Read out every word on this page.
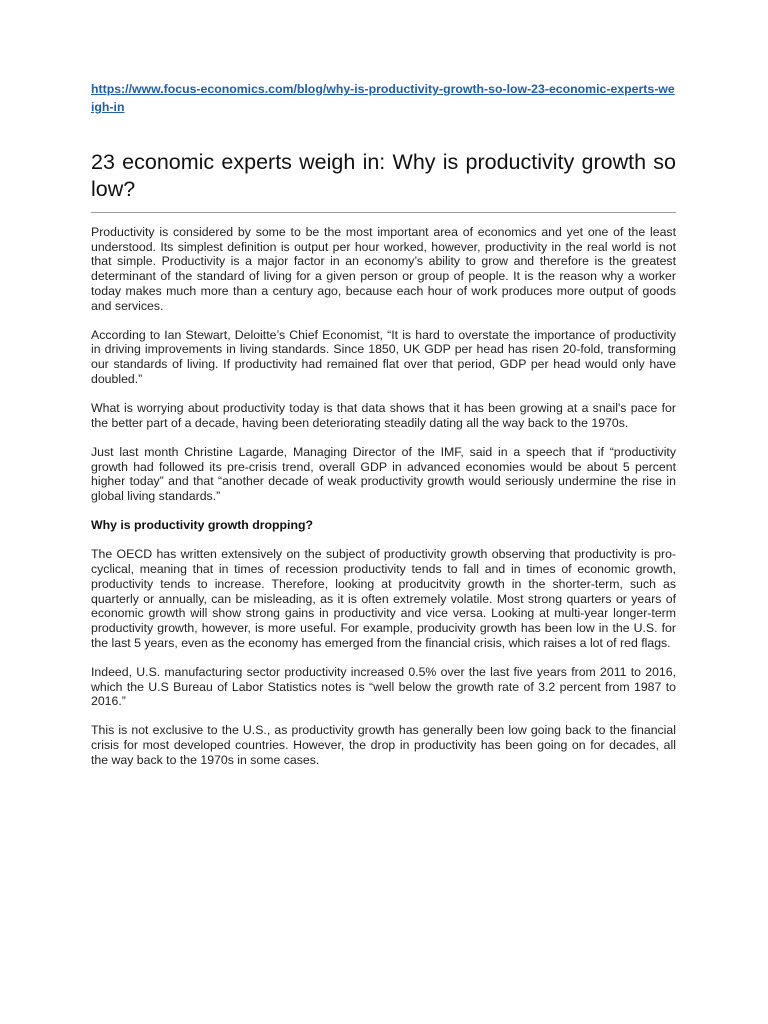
https://www.focus-economics.com/blog/why-is-productivity-growth-so-low-23-economic-experts-weigh-in
23 economic experts weigh in: Why is productivity growth so low?

Productivity is considered by some to be the most important area of economics and yet one of the least understood. Its simplest definition is output per hour worked, however, productivity in the real world is not that simple. Productivity is a major factor in an economy’s ability to grow and therefore is the greatest determinant of the standard of living for a given person or group of people. It is the reason why a worker today makes much more than a century ago, because each hour of work produces more output of goods and services.

According to Ian Stewart, Deloitte’s Chief Economist, “It is hard to overstate the importance of productivity in driving improvements in living standards. Since 1850, UK GDP per head has risen 20-fold, transforming our standards of living. If productivity had remained flat over that period, GDP per head would only have doubled.”

What is worrying about productivity today is that data shows that it has been growing at a snail's pace for the better part of a decade, having been deteriorating steadily dating all the way back to the 1970s.

Just last month Christine Lagarde, Managing Director of the IMF, said in a speech that if “productivity growth had followed its pre-crisis trend, overall GDP in advanced economies would be about 5 percent higher today” and that “another decade of weak productivity growth would seriously undermine the rise in global living standards.”

Why is productivity growth dropping?

The OECD has written extensively on the subject of productivity growth observing that productivity is pro-cyclical, meaning that in times of recession productivity tends to fall and in times of economic growth, productivity tends to increase. Therefore, looking at producitvity growth in the shorter-term, such as quarterly or annually, can be misleading, as it is often extremely volatile. Most strong quarters or years of economic growth will show strong gains in productivity and vice versa. Looking at multi-year longer-term productivity growth, however, is more useful. For example, producivity growth has been low in the U.S. for the last 5 years, even as the economy has emerged from the financial crisis, which raises a lot of red flags.

Indeed, U.S. manufacturing sector productivity increased 0.5% over the last five years from 2011 to 2016, which the U.S Bureau of Labor Statistics notes is “well below the growth rate of 3.2 percent from 1987 to 2016.”

This is not exclusive to the U.S., as productivity growth has generally been low going back to the financial crisis for most developed countries. However, the drop in productivity has been going on for decades, all the way back to the 1970s in some cases.
